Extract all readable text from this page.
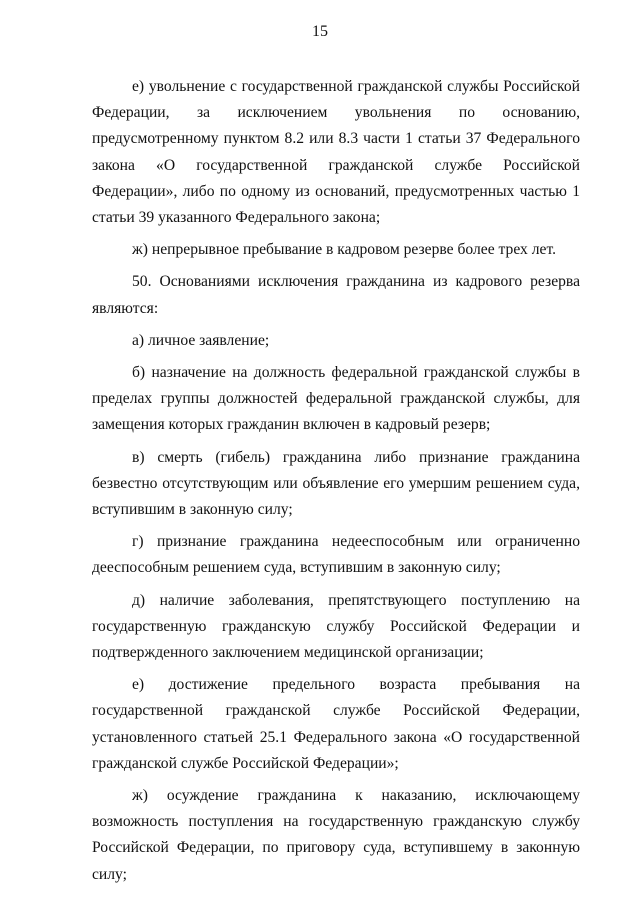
15

е) увольнение с государственной гражданской службы Российской Федерации, за исключением увольнения по основанию, предусмотренному пунктом 8.2 или 8.3 части 1 статьи 37 Федерального закона «О государственной гражданской службе Российской Федерации», либо по одному из оснований, предусмотренных частью 1 статьи 39 указанного Федерального закона;

ж) непрерывное пребывание в кадровом резерве более трех лет.

50. Основаниями исключения гражданина из кадрового резерва являются:

а) личное заявление;

б) назначение на должность федеральной гражданской службы в пределах группы должностей федеральной гражданской службы, для замещения которых гражданин включен в кадровый резерв;

в) смерть (гибель) гражданина либо признание гражданина безвестно отсутствующим или объявление его умершим решением суда, вступившим в законную силу;

г) признание гражданина недееспособным или ограниченно дееспособным решением суда, вступившим в законную силу;

д) наличие заболевания, препятствующего поступлению на государственную гражданскую службу Российской Федерации и подтвержденного заключением медицинской организации;

е) достижение предельного возраста пребывания на государственной гражданской службе Российской Федерации, установленного статьей 25.1 Федерального закона «О государственной гражданской службе Российской Федерации»;

ж) осуждение гражданина к наказанию, исключающему возможность поступления на государственную гражданскую службу Российской Федерации, по приговору суда, вступившему в законную силу;
